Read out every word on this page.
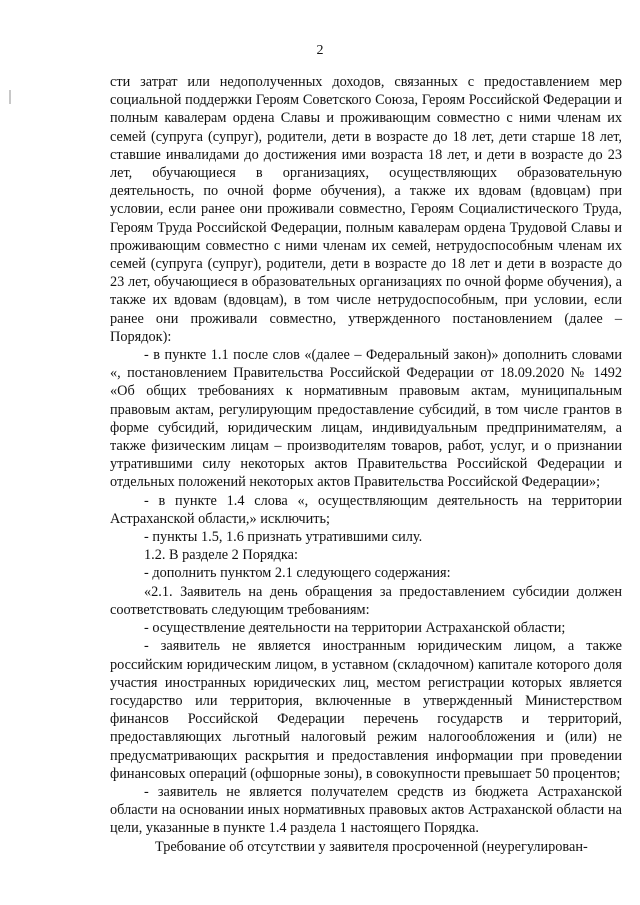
2

сти затрат или недополученных доходов, связанных с предоставлением мер социальной поддержки Героям Советского Союза, Героям Российской Федерации и полным кавалерам ордена Славы и проживающим совместно с ними членам их семей (супруга (супруг), родители, дети в возрасте до 18 лет, дети старше 18 лет, ставшие инвалидами до достижения ими возраста 18 лет, и дети в возрасте до 23 лет, обучающиеся в организациях, осуществляющих образовательную деятельность, по очной форме обучения), а также их вдовам (вдовцам) при условии, если ранее они проживали совместно, Героям Социалистического Труда, Героям Труда Российской Федерации, полным кавалерам ордена Трудовой Славы и проживающим совместно с ними членам их семей, нетрудоспособным членам их семей (супруга (супруг), родители, дети в возрасте до 18 лет и дети в возрасте до 23 лет, обучающиеся в образовательных организациях по очной форме обучения), а также их вдовам (вдовцам), в том числе нетрудоспособным, при условии, если ранее они проживали совместно, утвержденного постановлением (далее – Порядок):

- в пункте 1.1 после слов «(далее – Федеральный закон)» дополнить словами «, постановлением Правительства Российской Федерации от 18.09.2020 № 1492 «Об общих требованиях к нормативным правовым актам, муниципальным правовым актам, регулирующим предоставление субсидий, в том числе грантов в форме субсидий, юридическим лицам, индивидуальным предпринимателям, а также физическим лицам – производителям товаров, работ, услуг, и о признании утратившими силу некоторых актов Правительства Российской Федерации и отдельных положений некоторых актов Правительства Российской Федерации»;

- в пункте 1.4 слова «, осуществляющим деятельность на территории Астраханской области,» исключить;

- пункты 1.5, 1.6 признать утратившими силу.

1.2. В разделе 2 Порядка:

- дополнить пунктом 2.1 следующего содержания:

«2.1. Заявитель на день обращения за предоставлением субсидии должен соответствовать следующим требованиям:

- осуществление деятельности на территории Астраханской области;

- заявитель не является иностранным юридическим лицом, а также российским юридическим лицом, в уставном (складочном) капитале которого доля участия иностранных юридических лиц, местом регистрации которых является государство или территория, включенные в утвержденный Министерством финансов Российской Федерации перечень государств и территорий, предоставляющих льготный налоговый режим налогообложения и (или) не предусматривающих раскрытия и предоставления информации при проведении финансовых операций (офшорные зоны), в совокупности превышает 50 процентов;

- заявитель не является получателем средств из бюджета Астраханской области на основании иных нормативных правовых актов Астраханской области на цели, указанные в пункте 1.4 раздела 1 настоящего Порядка.

Требование об отсутствии у заявителя просроченной (неурегулирован-
